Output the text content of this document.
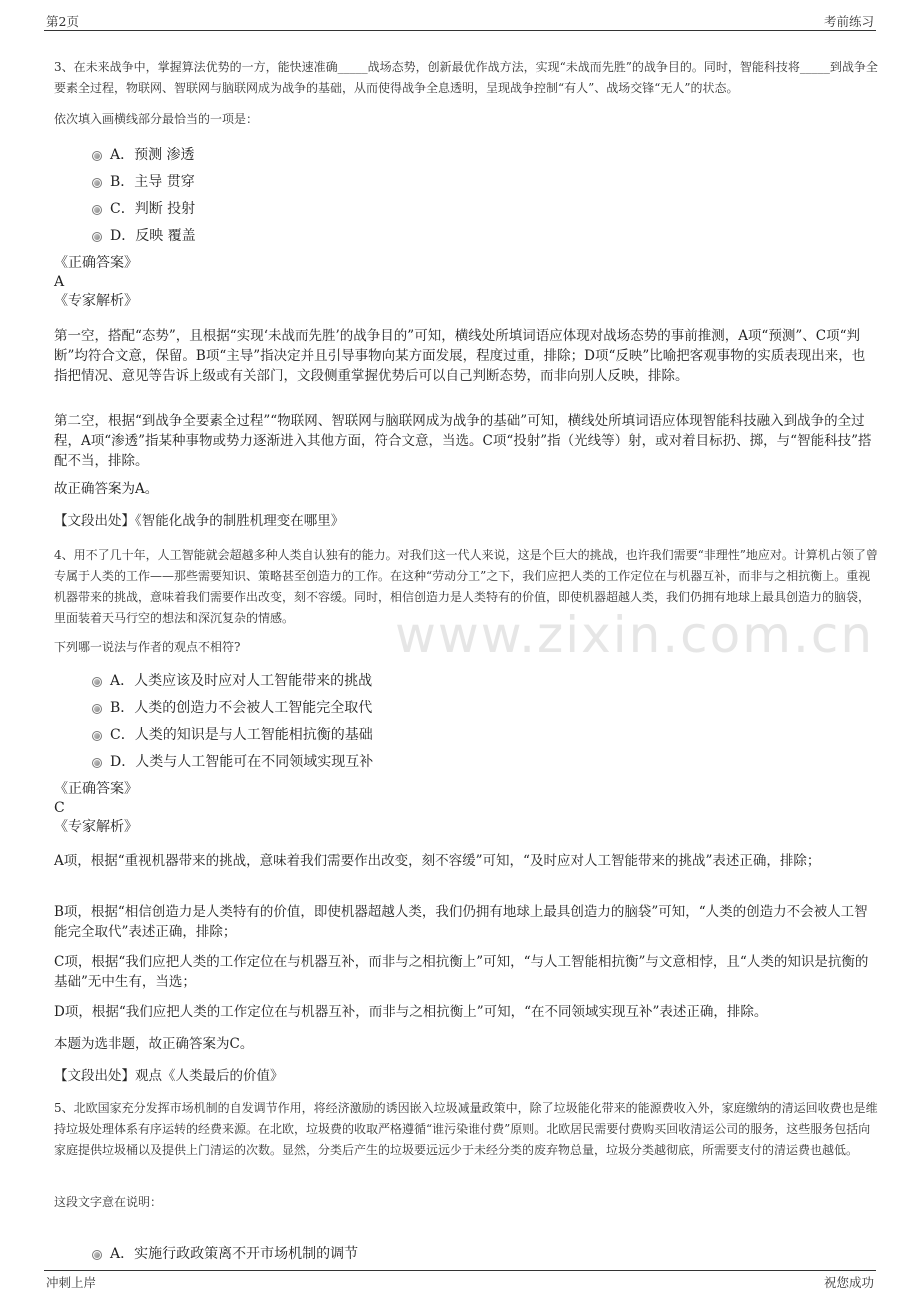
第2页	考前练习
www.zixin.com.cn
3、在未来战争中，掌握算法优势的一方，能快速准确_____战场态势，创新最优作战方法，实现“未战而先胜”的战争目的。同时，智能科技将_____到战争全要素全过程，物联网、智联网与脑联网成为战争的基础，从而使得战争全息透明，呈现战争控制“有人”、战场交锋“无人”的状态。
依次填入画横线部分最恰当的一项是：
A．预测 渗透
B．主导 贯穿
C．判断 投射
D．反映 覆盖
《正确答案》
A
《专家解析》
第一空，搭配“态势”，且根据“实现‘未战而先胜’的战争目的”可知，横线处所填词语应体现对战场态势的事前推测，A项“预测”、C项“判断”均符合文意，保留。B项“主导”指决定并且引导事物向某方面发展，程度过重，排除；D项“反映”比喻把客观事物的实质表现出来，也指把情况、意见等告诉上级或有关部门，文段侧重掌握优势后可以自己判断态势，而非向别人反映，排除。
第二空，根据“到战争全要素全过程”“物联网、智联网与脑联网成为战争的基础”可知，横线处所填词语应体现智能科技融入到战争的全过程，A项“渗透”指某种事物或势力逐渐进入其他方面，符合文意，当选。C项“投射”指（光线等）射，或对着目标扔、掷，与“智能科技”搭配不当，排除。
故正确答案为A。
【文段出处】《智能化战争的制胜机理变在哪里》
4、用不了几十年，人工智能就会超越多种人类自认独有的能力。对我们这一代人来说，这是个巨大的挑战，也许我们需要“非理性”地应对。计算机占领了曾专属于人类的工作——那些需要知识、策略甚至创造力的工作。在这种“劳动分工”之下，我们应把人类的工作定位在与机器互补，而非与之相抗衡上。重视机器带来的挑战，意味着我们需要作出改变，刻不容缓。同时，相信创造力是人类特有的价值，即使机器超越人类，我们仍拥有地球上最具创造力的脑袋，里面装着天马行空的想法和深沉复杂的情感。
下列哪一说法与作者的观点不相符?
A．人类应该及时应对人工智能带来的挑战
B．人类的创造力不会被人工智能完全取代
C．人类的知识是与人工智能相抗衡的基础
D．人类与人工智能可在不同领域实现互补
《正确答案》
C
《专家解析》
A项，根据“重视机器带来的挑战，意味着我们需要作出改变，刻不容缓”可知，“及时应对人工智能带来的挑战”表述正确，排除；
B项，根据“相信创造力是人类特有的价值，即使机器超越人类，我们仍拥有地球上最具创造力的脑袋”可知，“人类的创造力不会被人工智能完全取代”表述正确，排除；
C项，根据“我们应把人类的工作定位在与机器互补，而非与之相抗衡上”可知，“与人工智能相抗衡”与文意相悖，且“人类的知识是抗衡的基础”无中生有，当选；
D项，根据“我们应把人类的工作定位在与机器互补，而非与之相抗衡上”可知，“在不同领域实现互补”表述正确，排除。
本题为选非题，故正确答案为C。
【文段出处】观点《人类最后的价值》
5、北欧国家充分发挥市场机制的自发调节作用，将经济激励的诱因嵌入垃圾减量政策中，除了垃圾能化带来的能源费收入外，家庭缴纳的清运回收费也是维持垃圾处理体系有序运转的经费来源。在北欧，垃圾费的收取严格遵循“谁污染谁付费”原则。北欧居民需要付费购买回收清运公司的服务，这些服务包括向家庭提供垃圾桶以及提供上门清运的次数。显然，分类后产生的垃圾要远远少于未经分类的废弃物总量，垃圾分类越彻底，所需要支付的清运费也越低。
这段文字意在说明：
A．实施行政政策离不开市场机制的调节
冲刺上岸	祝您成功
